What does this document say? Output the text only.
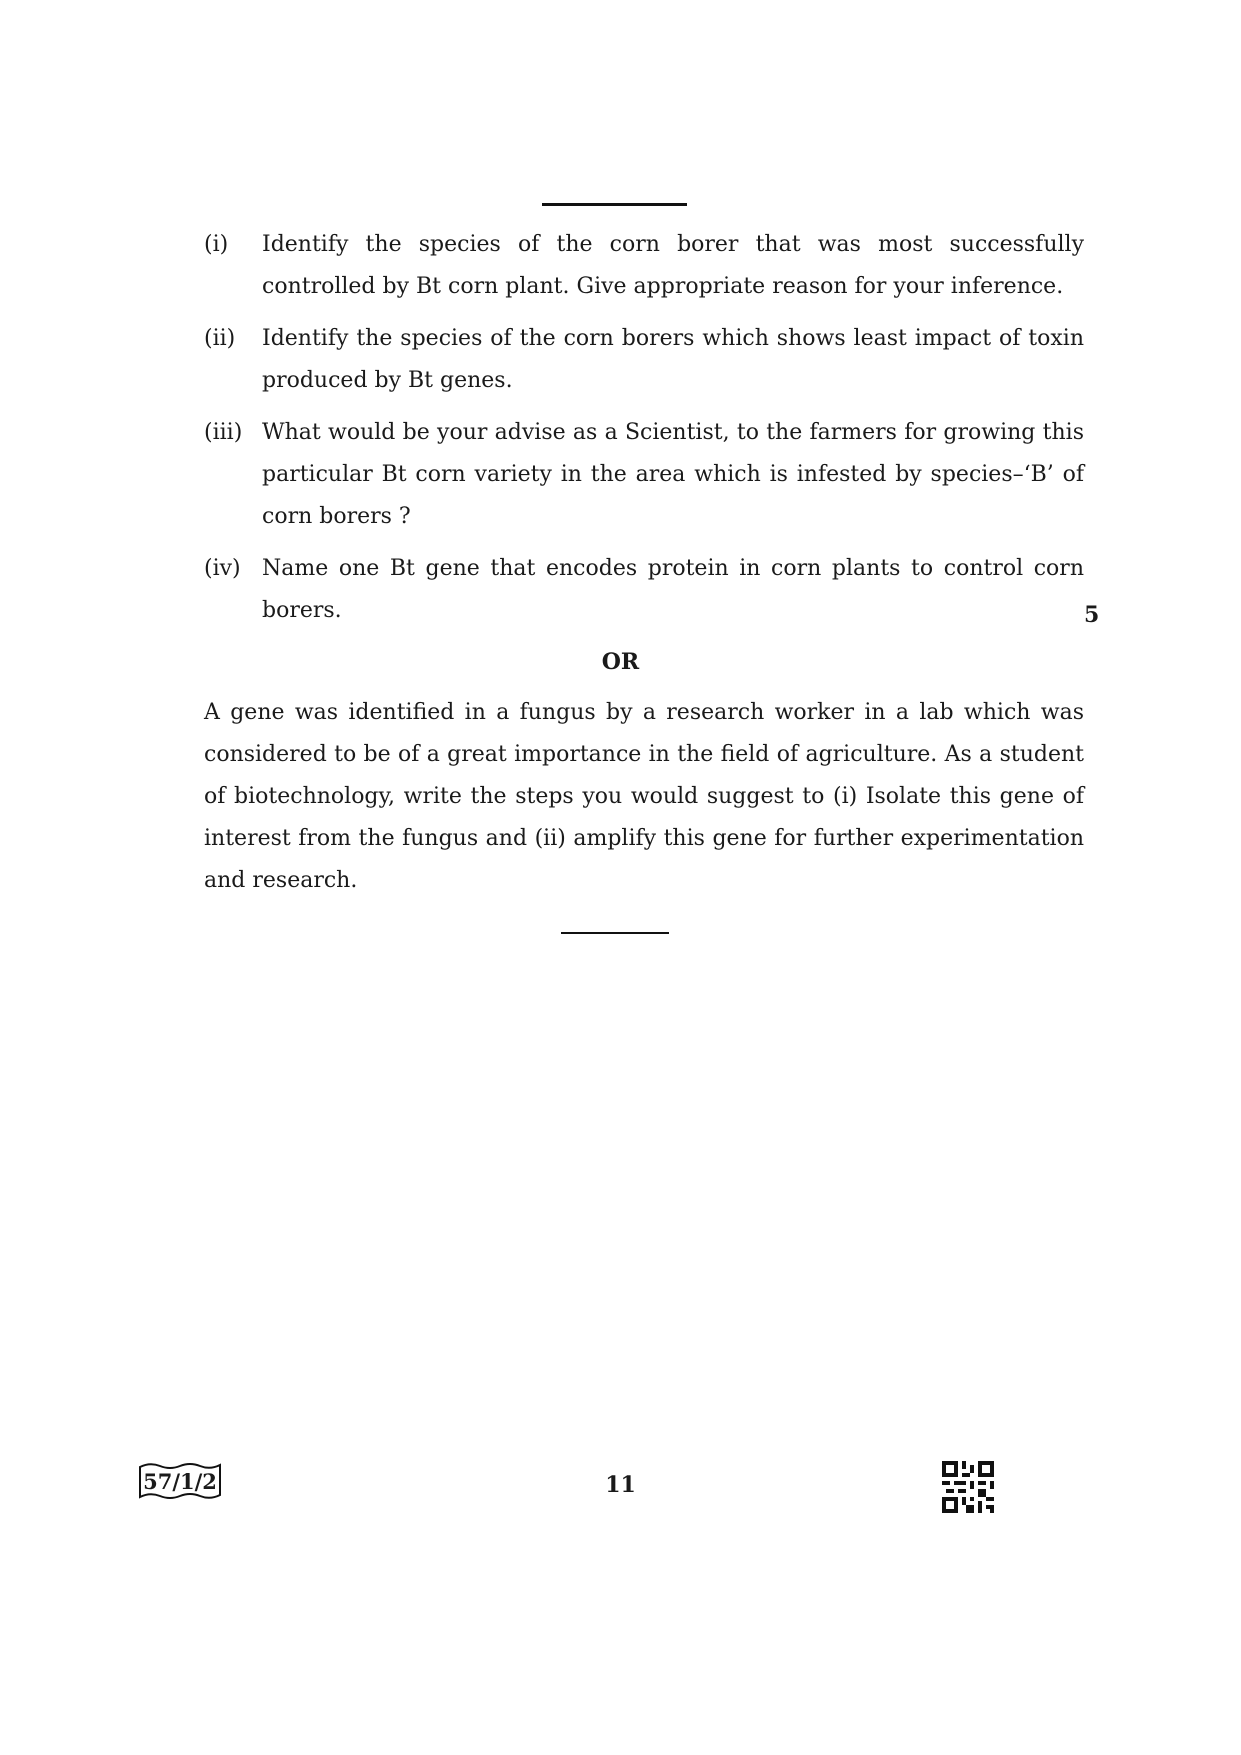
(i)	Identify the species of the corn borer that was most successfully controlled by Bt corn plant. Give appropriate reason for your inference.
(ii)	Identify the species of the corn borers which shows least impact of toxin produced by Bt genes.
(iii) What would be your advise as a Scientist, to the farmers for growing this particular Bt corn variety in the area which is infested by species–‘B’ of corn borers ?
(iv) Name one Bt gene that encodes protein in corn plants to control corn
borers.	5
OR
A gene was identified in a fungus by a research worker in a lab which was considered to be of a great importance in the field of agriculture. As a student of biotechnology, write the steps you would suggest to (i) Isolate this gene of interest from the fungus and (ii) amplify this gene for further experimentation and research.
57/1/2	11
